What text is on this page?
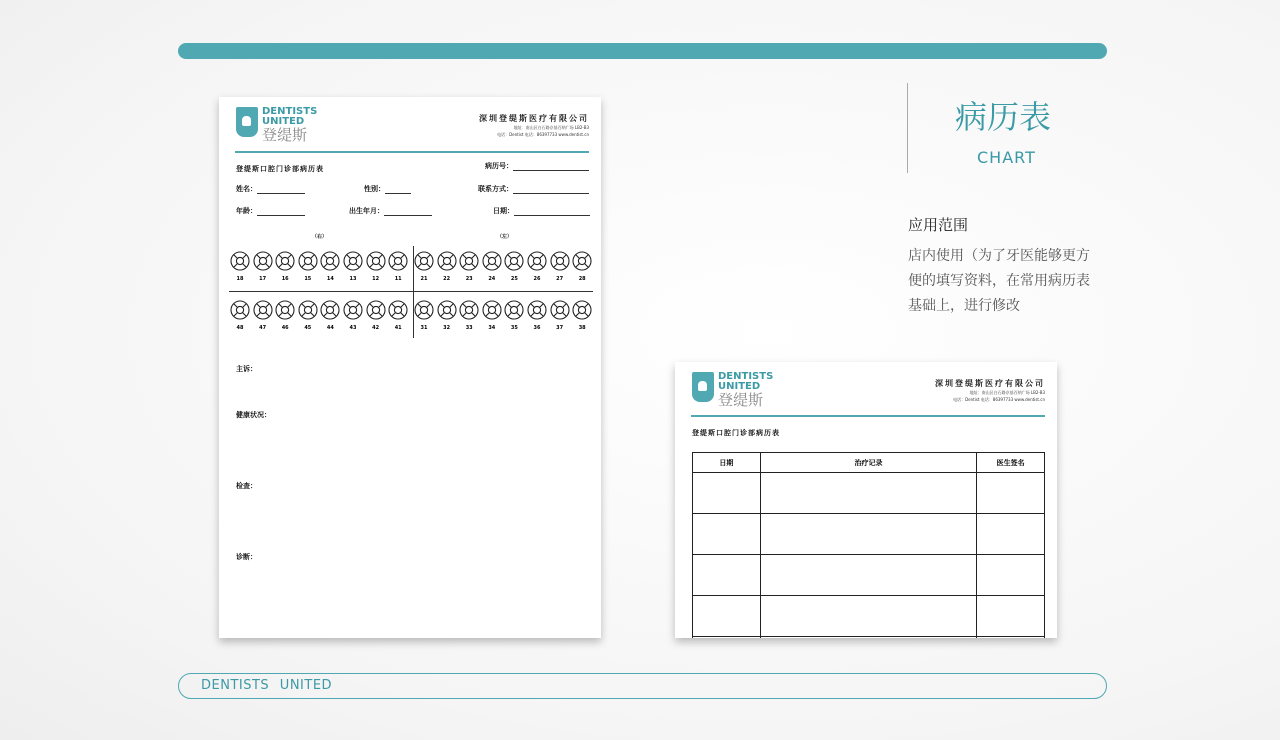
DENTISTS
UNITED
登缇斯
深圳登缇斯医疗有限公司
地址：南山区白石路京基百纳广场 LB2-B3
电话：Dentist 电话：86397733 www.dentist.cn
登缇斯口腔门诊部病历表	病历号：
姓名：	性别：	联系方式：
年龄：	出生年月：	日期：
（右）	（左）
18	17	16	15	14	13	12	11	21	22	23	24	25	26	27	28
48	47	46	45	44	43	42	41	31	32	33	34	35	36	37	38
主诉：
健康状况：
检查：
诊断：
DENTISTS
UNITED
登缇斯
深圳登缇斯医疗有限公司
地址：南山区白石路京基百纳广场 LB2-B3
电话：Dentist 电话：86397733 www.dentist.cn
登缇斯口腔门诊部病历表
日期	治疗记录	医生签名

病历表
CHART
应用范围
店内使用（为了牙医能够更方
便的填写资料，在常用病历表
基础上，进行修改
DENTISTS UNITED
